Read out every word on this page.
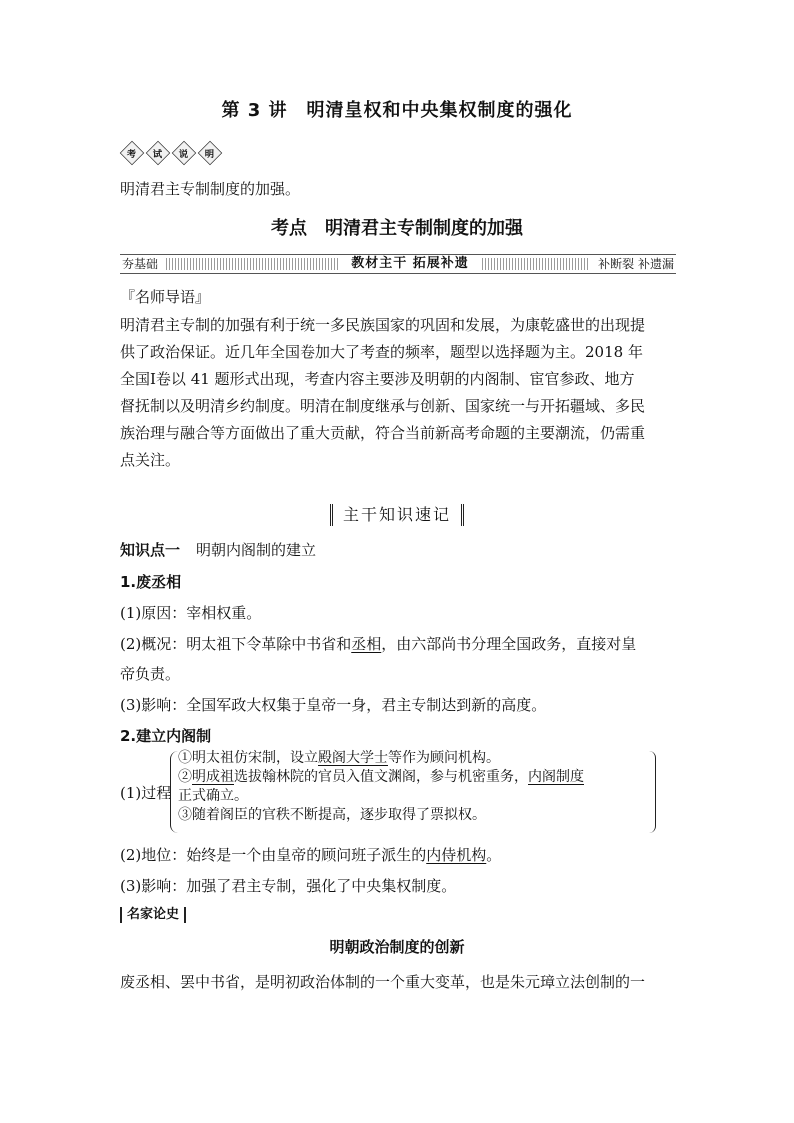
第 3 讲　明清皇权和中央集权制度的强化
考 试 说 明
明清君主专制制度的加强。
考点　明清君主专制制度的加强
夯基础	教材主干 拓展补遗	补断裂 补遗漏
『名师导语』
明清君主专制的加强有利于统一多民族国家的巩固和发展，为康乾盛世的出现提
供了政治保证。近几年全国卷加大了考查的频率，题型以选择题为主。2018 年
全国Ⅰ卷以 41 题形式出现，考查内容主要涉及明朝的内阁制、宦官参政、地方
督抚制以及明清乡约制度。明清在制度继承与创新、国家统一与开拓疆域、多民
族治理与融合等方面做出了重大贡献，符合当前新高考命题的主要潮流，仍需重
点关注。
主干知识速记
知识点一 明朝内阁制的建立
1.废丞相
(1)原因：宰相权重。
(2)概况：明太祖下令革除中书省和丞相，由六部尚书分理全国政务，直接对皇
帝负责。
(3)影响：全国军政大权集于皇帝一身，君主专制达到新的高度。
2.建立内阁制
(1)过程
①明太祖仿宋制，设立殿阁大学士等作为顾问机构。
②明成祖选拔翰林院的官员入值文渊阁，参与机密重务，内阁制度
正式确立。
③随着阁臣的官秩不断提高，逐步取得了票拟权。
(2)地位：始终是一个由皇帝的顾问班子派生的内侍机构。
(3)影响：加强了君主专制，强化了中央集权制度。
名家论史
明朝政治制度的创新
废丞相、罢中书省，是明初政治体制的一个重大变革，也是朱元璋立法创制的一
